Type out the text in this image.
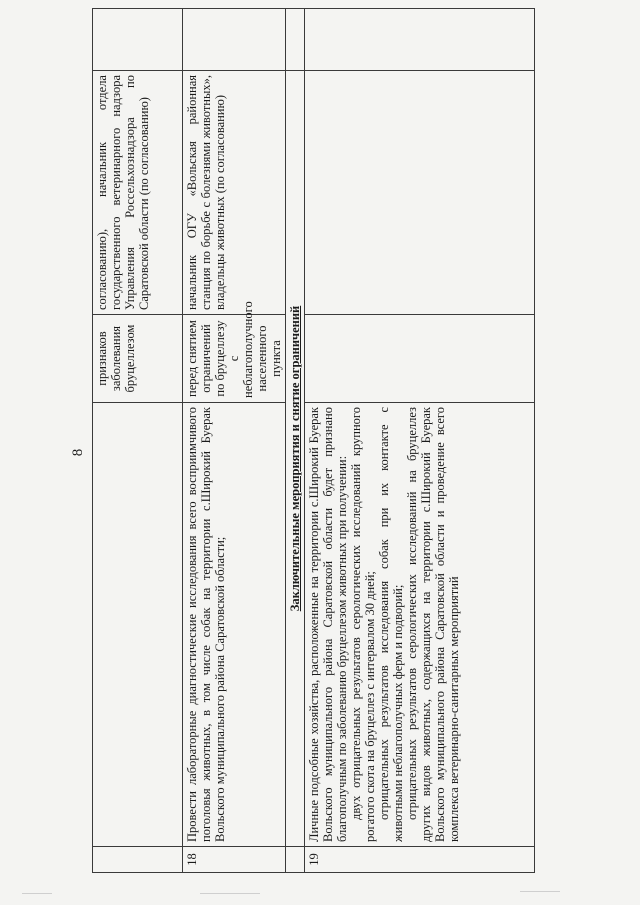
8
		признаков заболевания бруцеллезом	согласованию), начальник отдела государственного ветеринарного надзора Управления Россельхознадзора по Саратовской области (по согласованию)	
18	Провести лабораторные диагностические исследования всего восприимчивого поголовья животных, в том числе собак на территории с.Широкий Буерак Вольского муниципального района Саратовской области;	перед снятием ограничений по бруцеллезу с неблагополучного населенного пункта	начальник ОГУ «Вольская районная станция по борьбе с болезнями животных», владельцы животных (по согласованию)	
	Заключительные мероприятия и снятие ограничений			
19	Личные подсобные хозяйства, расположенные на территории с.Широкий Буерак Вольского муниципального района Саратовской области будет признано благополучным по заболеванию бруцеллезом животных при получении: двух отрицательных результатов серологических исследований крупного рогатого скота на бруцеллез с интервалом 30 дней; отрицательных результатов исследования собак при их контакте с животными неблагополучных ферм и подворий; отрицательных результатов серологических исследований на бруцеллез других видов животных, содержащихся на территории с.Широкий Буерак Вольского муниципального района Саратовской области и проведение всего комплекса ветеринарно-санитарных мероприятий			
